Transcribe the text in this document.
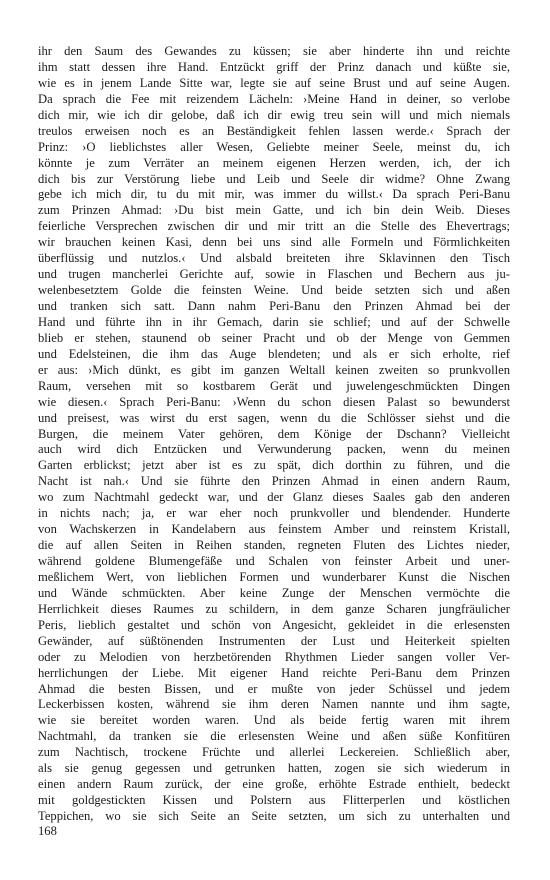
ihr den Saum des Gewandes zu küssen; sie aber hinderte ihn und reichte
ihm statt dessen ihre Hand. Entzückt griff der Prinz danach und küßte sie,
wie es in jenem Lande Sitte war, legte sie auf seine Brust und auf seine Augen.
Da sprach die Fee mit reizendem Lächeln: ›Meine Hand in deiner, so verlobe
dich mir, wie ich dir gelobe, daß ich dir ewig treu sein will und mich niemals
treulos erweisen noch es an Beständigkeit fehlen lassen werde.‹ Sprach der
Prinz: ›O lieblichstes aller Wesen, Geliebte meiner Seele, meinst du, ich
könnte je zum Verräter an meinem eigenen Herzen werden, ich, der ich
dich bis zur Verstörung liebe und Leib und Seele dir widme? Ohne Zwang
gebe ich mich dir, tu du mit mir, was immer du willst.‹ Da sprach Peri-Banu
zum Prinzen Ahmad: ›Du bist mein Gatte, und ich bin dein Weib. Dieses
feierliche Versprechen zwischen dir und mir tritt an die Stelle des Ehevertrags;
wir brauchen keinen Kasi, denn bei uns sind alle Formeln und Förmlichkeiten
überflüssig und nutzlos.‹ Und alsbald breiteten ihre Sklavinnen den Tisch
und trugen mancherlei Gerichte auf, sowie in Flaschen und Bechern aus ju-
welenbesetztem Golde die feinsten Weine. Und beide setzten sich und aßen
und tranken sich satt. Dann nahm Peri-Banu den Prinzen Ahmad bei der
Hand und führte ihn in ihr Gemach, darin sie schlief; und auf der Schwelle
blieb er stehen, staunend ob seiner Pracht und ob der Menge von Gemmen
und Edelsteinen, die ihm das Auge blendeten; und als er sich erholte, rief
er aus: ›Mich dünkt, es gibt im ganzen Weltall keinen zweiten so prunkvollen
Raum, versehen mit so kostbarem Gerät und juwelengeschmückten Dingen
wie diesen.‹ Sprach Peri-Banu: ›Wenn du schon diesen Palast so bewunderst
und preisest, was wirst du erst sagen, wenn du die Schlösser siehst und die
Burgen, die meinem Vater gehören, dem Könige der Dschann? Vielleicht
auch wird dich Entzücken und Verwunderung packen, wenn du meinen
Garten erblickst; jetzt aber ist es zu spät, dich dorthin zu führen, und die
Nacht ist nah.‹ Und sie führte den Prinzen Ahmad in einen andern Raum,
wo zum Nachtmahl gedeckt war, und der Glanz dieses Saales gab den anderen
in nichts nach; ja, er war eher noch prunkvoller und blendender. Hunderte
von Wachskerzen in Kandelabern aus feinstem Amber und reinstem Kristall,
die auf allen Seiten in Reihen standen, regneten Fluten des Lichtes nieder,
während goldene Blumengefäße und Schalen von feinster Arbeit und uner-
meßlichem Wert, von lieblichen Formen und wunderbarer Kunst die Nischen
und Wände schmückten. Aber keine Zunge der Menschen vermöchte die
Herrlichkeit dieses Raumes zu schildern, in dem ganze Scharen jungfräulicher
Peris, lieblich gestaltet und schön von Angesicht, gekleidet in die erlesensten
Gewänder, auf süßtönenden Instrumenten der Lust und Heiterkeit spielten
oder zu Melodien von herzbetörenden Rhythmen Lieder sangen voller Ver-
herrlichungen der Liebe. Mit eigener Hand reichte Peri-Banu dem Prinzen
Ahmad die besten Bissen, und er mußte von jeder Schüssel und jedem
Leckerbissen kosten, während sie ihm deren Namen nannte und ihm sagte,
wie sie bereitet worden waren. Und als beide fertig waren mit ihrem
Nachtmahl, da tranken sie die erlesensten Weine und aßen süße Konfitüren
zum Nachtisch, trockene Früchte und allerlei Leckereien. Schließlich aber,
als sie genug gegessen und getrunken hatten, zogen sie sich wiederum in
einen andern Raum zurück, der eine große, erhöhte Estrade enthielt, bedeckt
mit goldgestickten Kissen und Polstern aus Flitterperlen und köstlichen
Teppichen, wo sie sich Seite an Seite setzten, um sich zu unterhalten und
168
